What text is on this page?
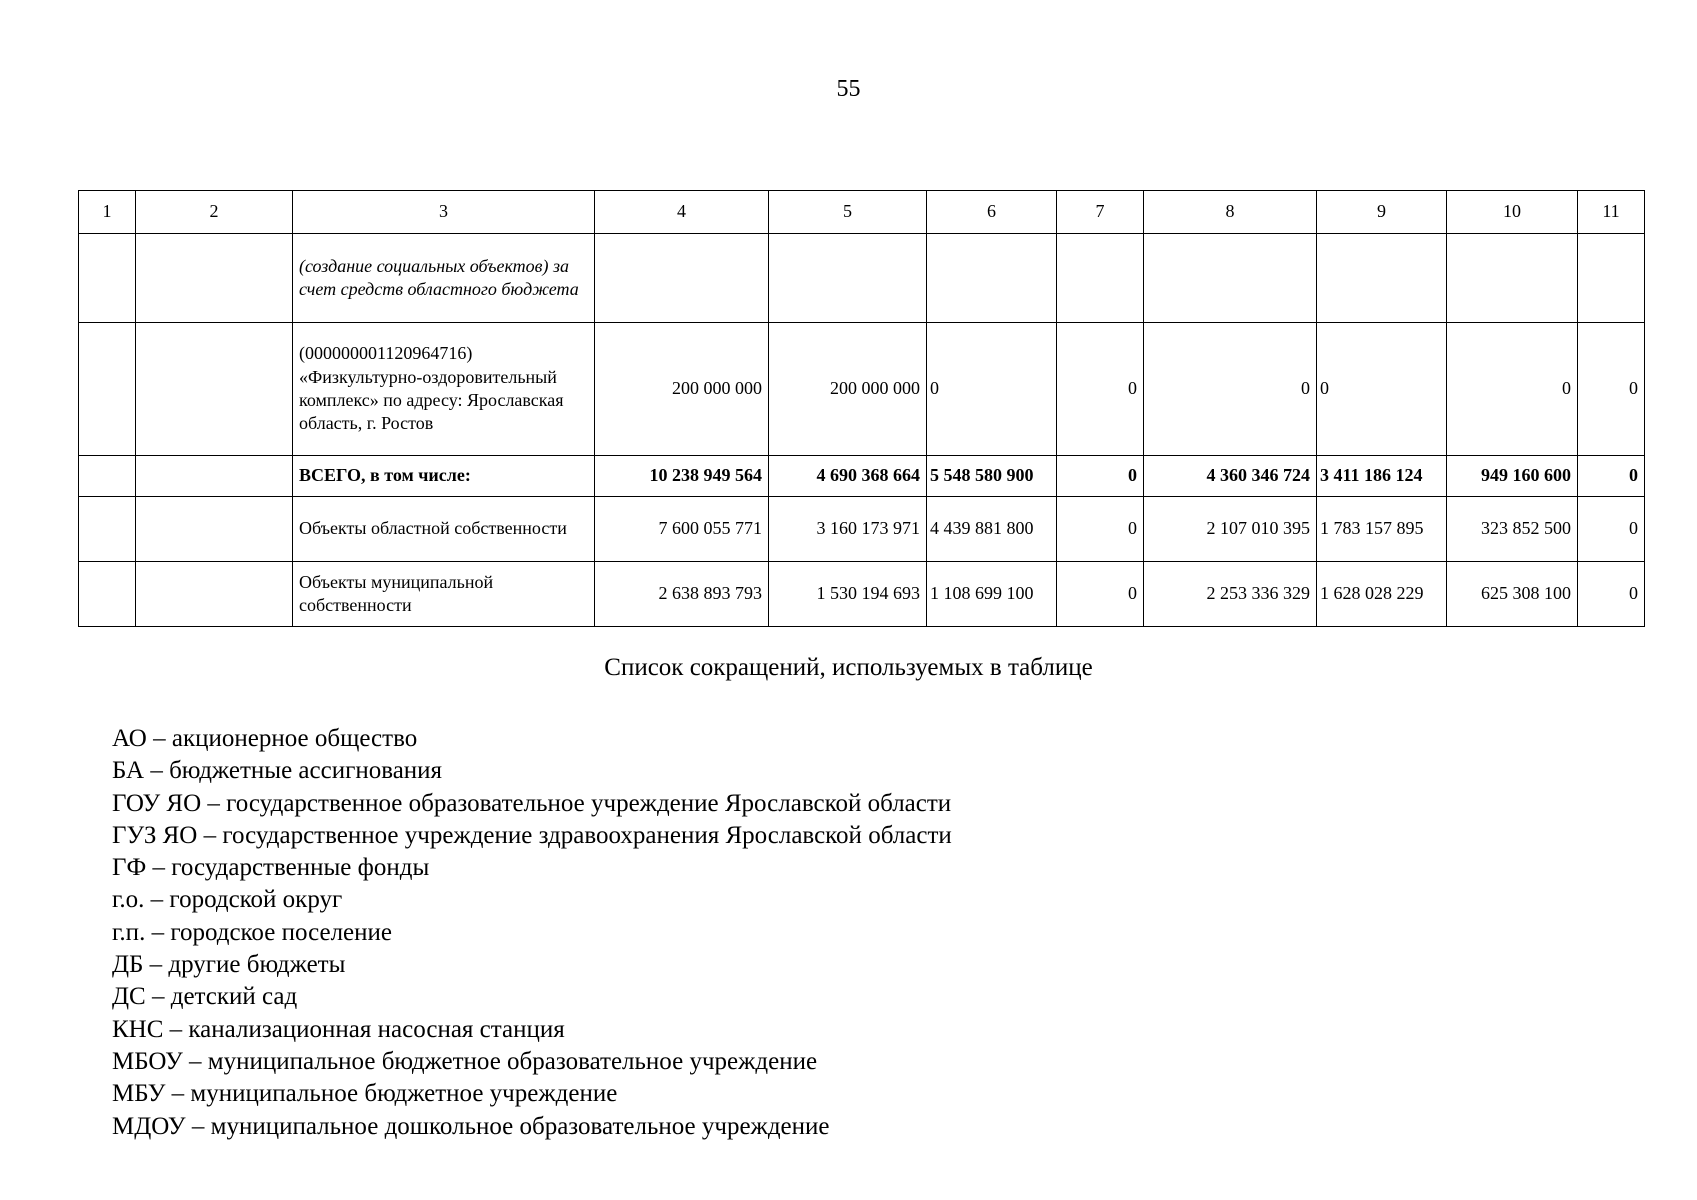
55
1	2	3	4	5	6	7	8	9	10	11
		(создание социальных объектов) за счет средств областного бюджета								
		(000000001120964716) «Физкультурно-оздоровительный комплекс» по адресу: Ярославская область, г. Ростов	200 000 000	200 000 000	0	0	0	0	0	0
		ВСЕГО, в том числе:	10 238 949 564	4 690 368 664	5 548 580 900	0	4 360 346 724	3 411 186 124	949 160 600	0
		Объекты областной собственности	7 600 055 771	3 160 173 971	4 439 881 800	0	2 107 010 395	1 783 157 895	323 852 500	0
		Объекты муниципальной собственности	2 638 893 793	1 530 194 693	1 108 699 100	0	2 253 336 329	1 628 028 229	625 308 100	0
Список сокращений, используемых в таблице
АО – акционерное общество
БА – бюджетные ассигнования
ГОУ ЯО – государственное образовательное учреждение Ярославской области
ГУЗ ЯО – государственное учреждение здравоохранения Ярославской области
ГФ – государственные фонды
г.о. – городской округ
г.п. – городское поселение
ДБ – другие бюджеты
ДС – детский сад
КНС – канализационная насосная станция
МБОУ – муниципальное бюджетное образовательное учреждение
МБУ – муниципальное бюджетное учреждение
МДОУ – муниципальное дошкольное образовательное учреждение
